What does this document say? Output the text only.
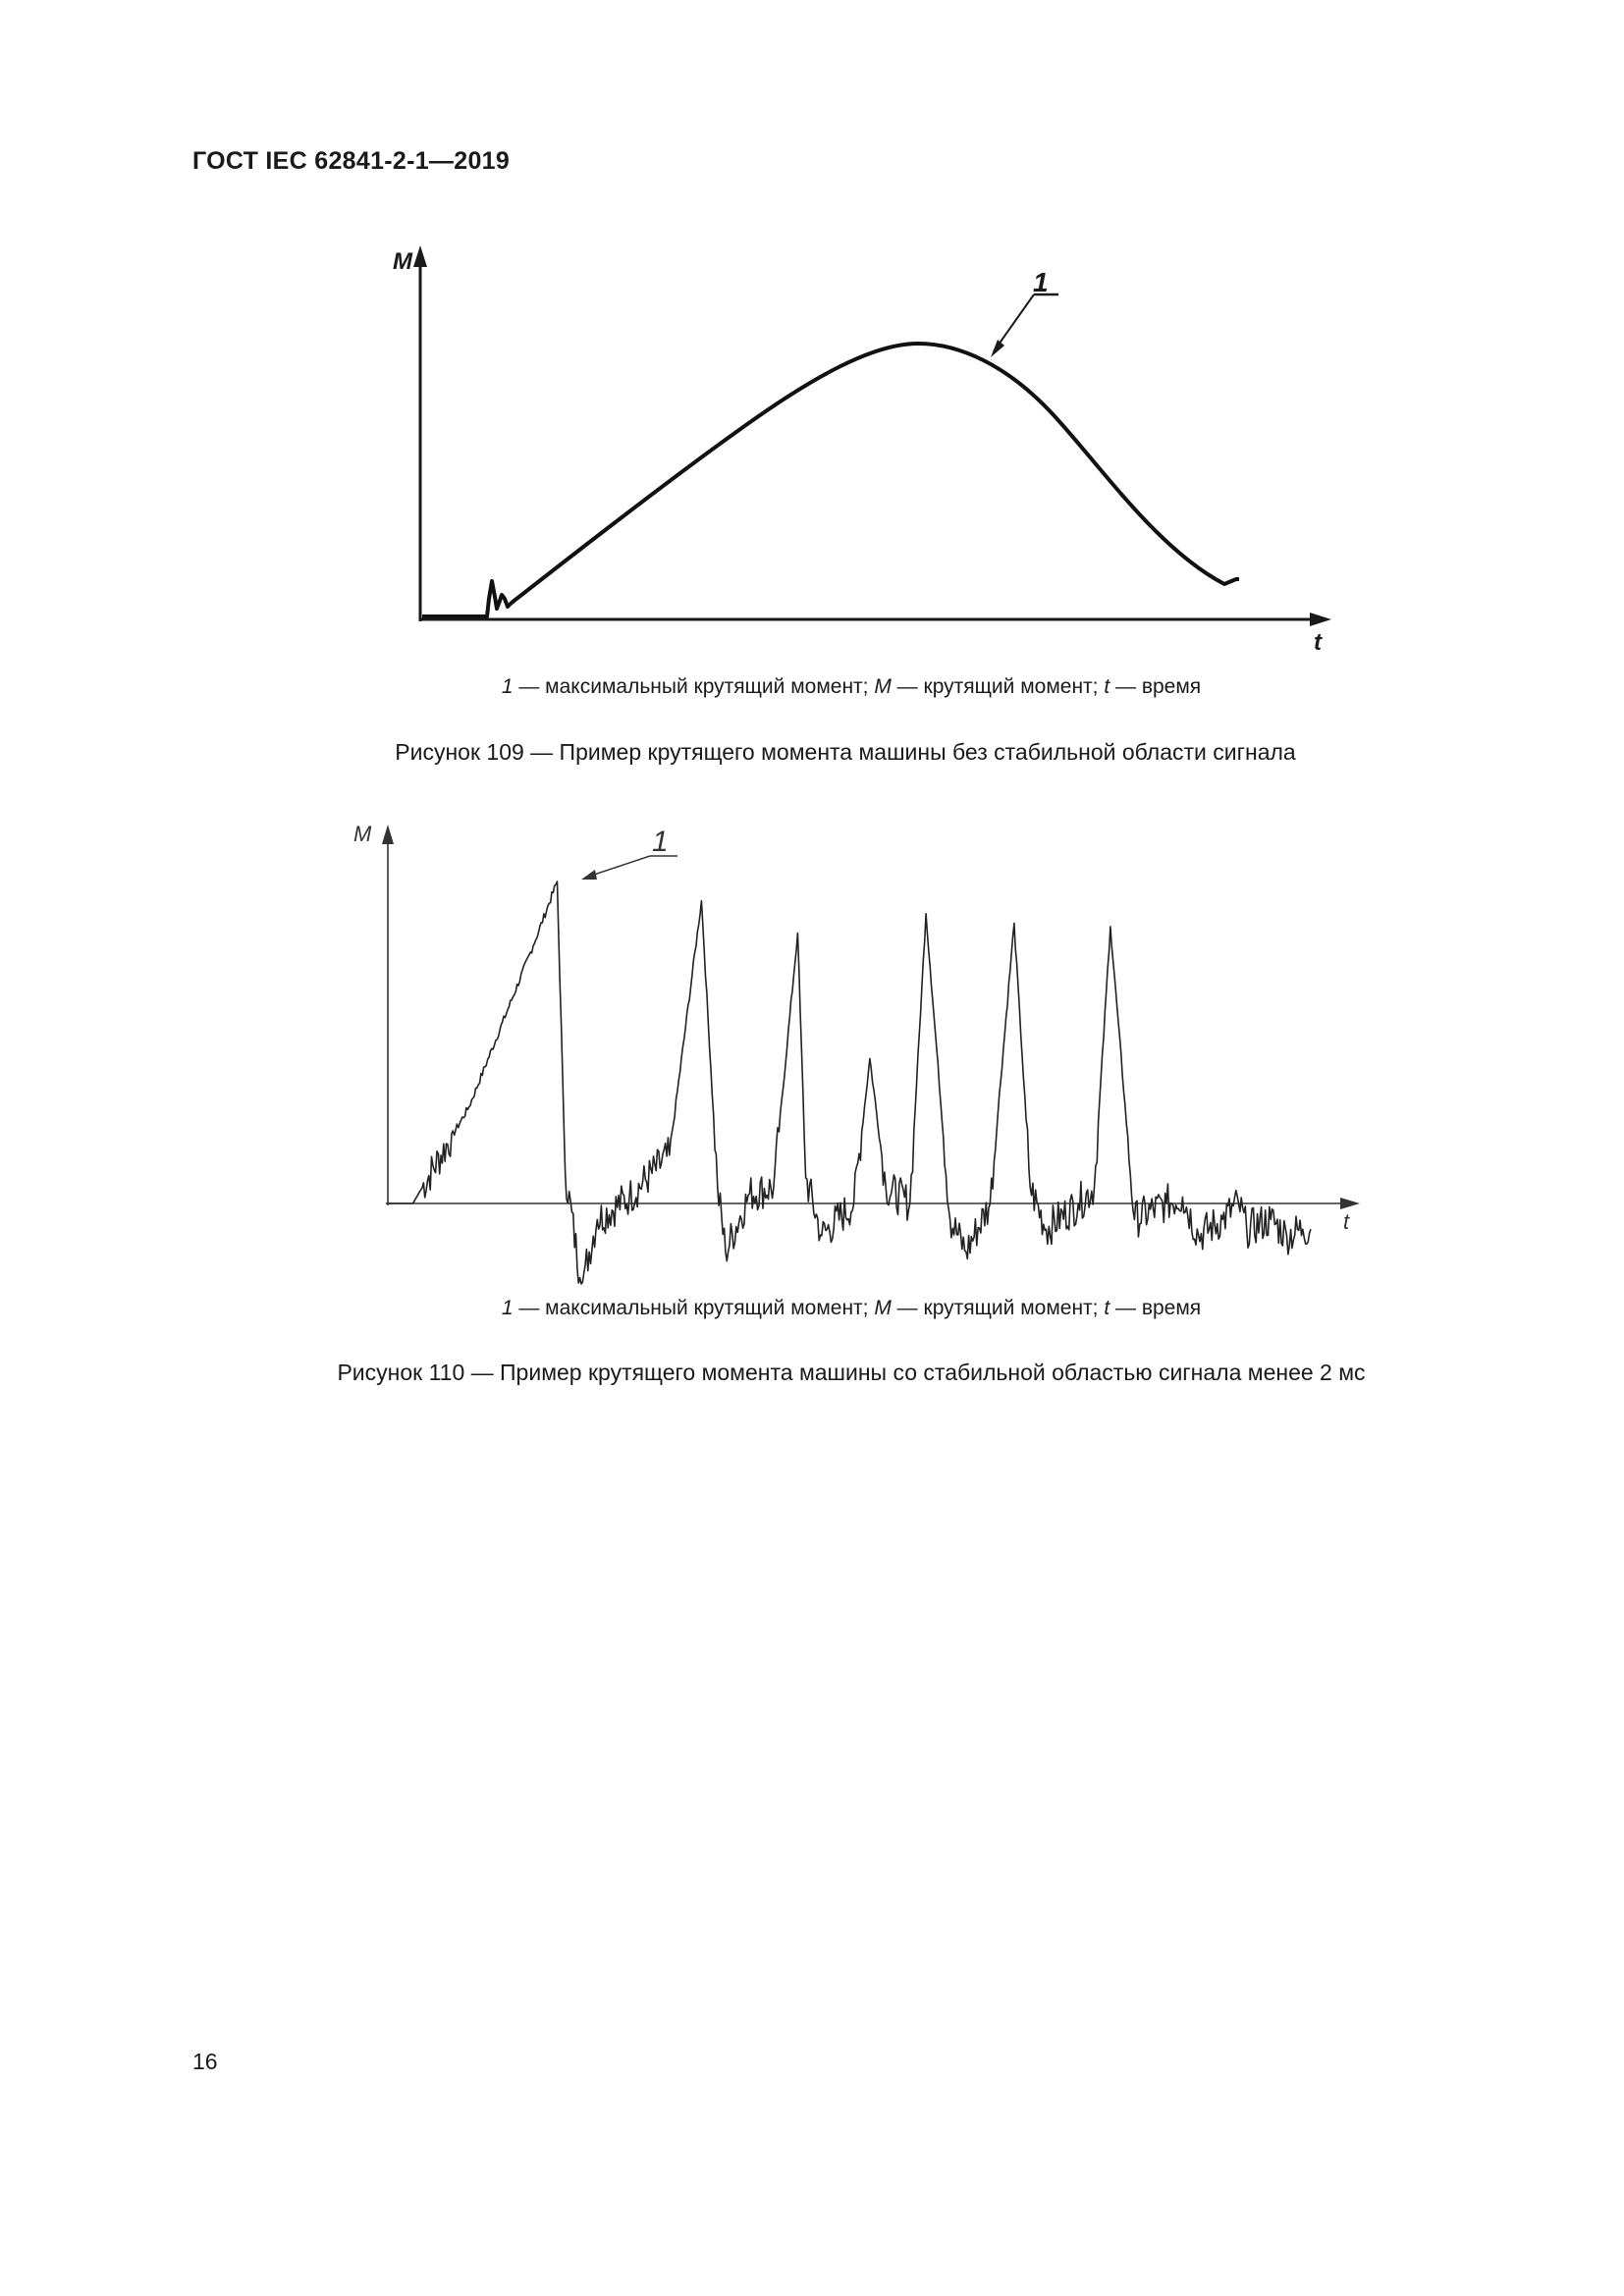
ГОСТ IEC 62841-2-1—2019
M
t
1
1 — максимальный крутящий момент; M — крутящий момент; t — время
Рисунок 109 — Пример крутящего момента машины без стабильной области сигнала
M
t
1
1 — максимальный крутящий момент; M — крутящий момент; t — время
Рисунок 110 — Пример крутящего момента машины со стабильной областью сигнала менее 2 мс
16
